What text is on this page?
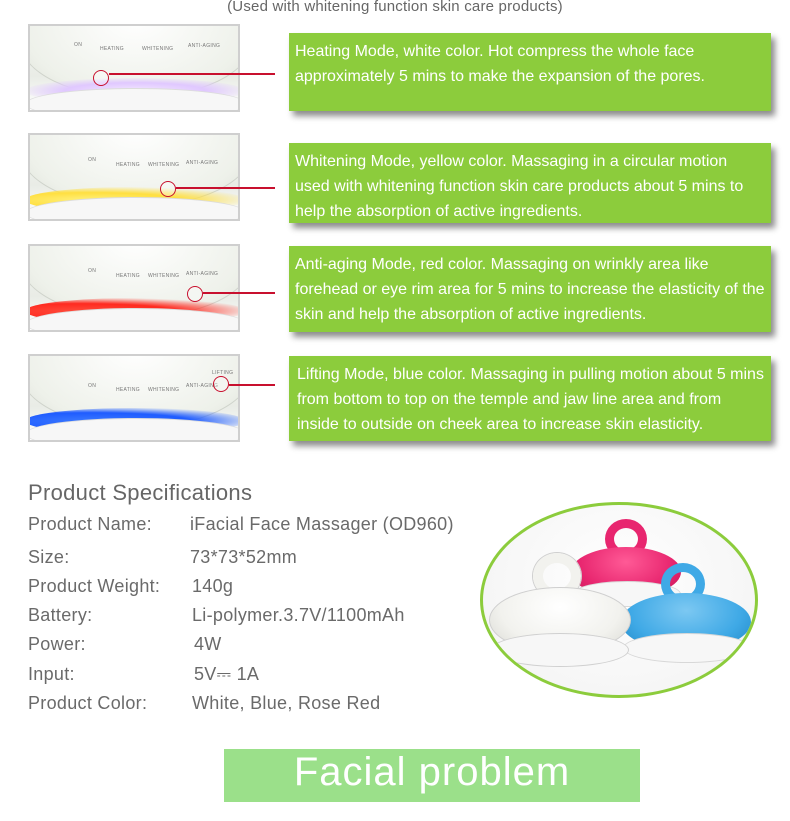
(Used with whitening function skin care products)
ON
HEATING	WHITENING	ANTI-AGING	Heating Mode, white color. Hot compress the whole face approximately 5 mins to make the expansion of the pores.
ON
HEATING WHITENING ANTI-AGING	Whitening Mode, yellow color. Massaging in a circular motion used with whitening function skin care products about 5 mins to help the absorption of active ingredients.
ON
HEATING WHITENING ANTI-AGING
Anti-aging Mode, red color. Massaging on wrinkly area like forehead or eye rim area for 5 mins to increase the elasticity of the skin and help the absorption of active ingredients.
ON
HEATING WHITENING
ANTI-AGING
LIFTING	Lifting Mode, blue color. Massaging in pulling motion about 5 mins from bottom to top on the temple and jaw line area and from inside to outside on cheek area to increase skin elasticity.
Product Specifications
Product Name: iFacial Face Massager (OD960)
Size:	73*73*52mm
Product Weight: 140g
Battery:	Li-polymer.3.7V/1100mAh
Power:	4W
Input:	5V⎓ 1A
Product Color: White, Blue, Rose Red
Facial problem
